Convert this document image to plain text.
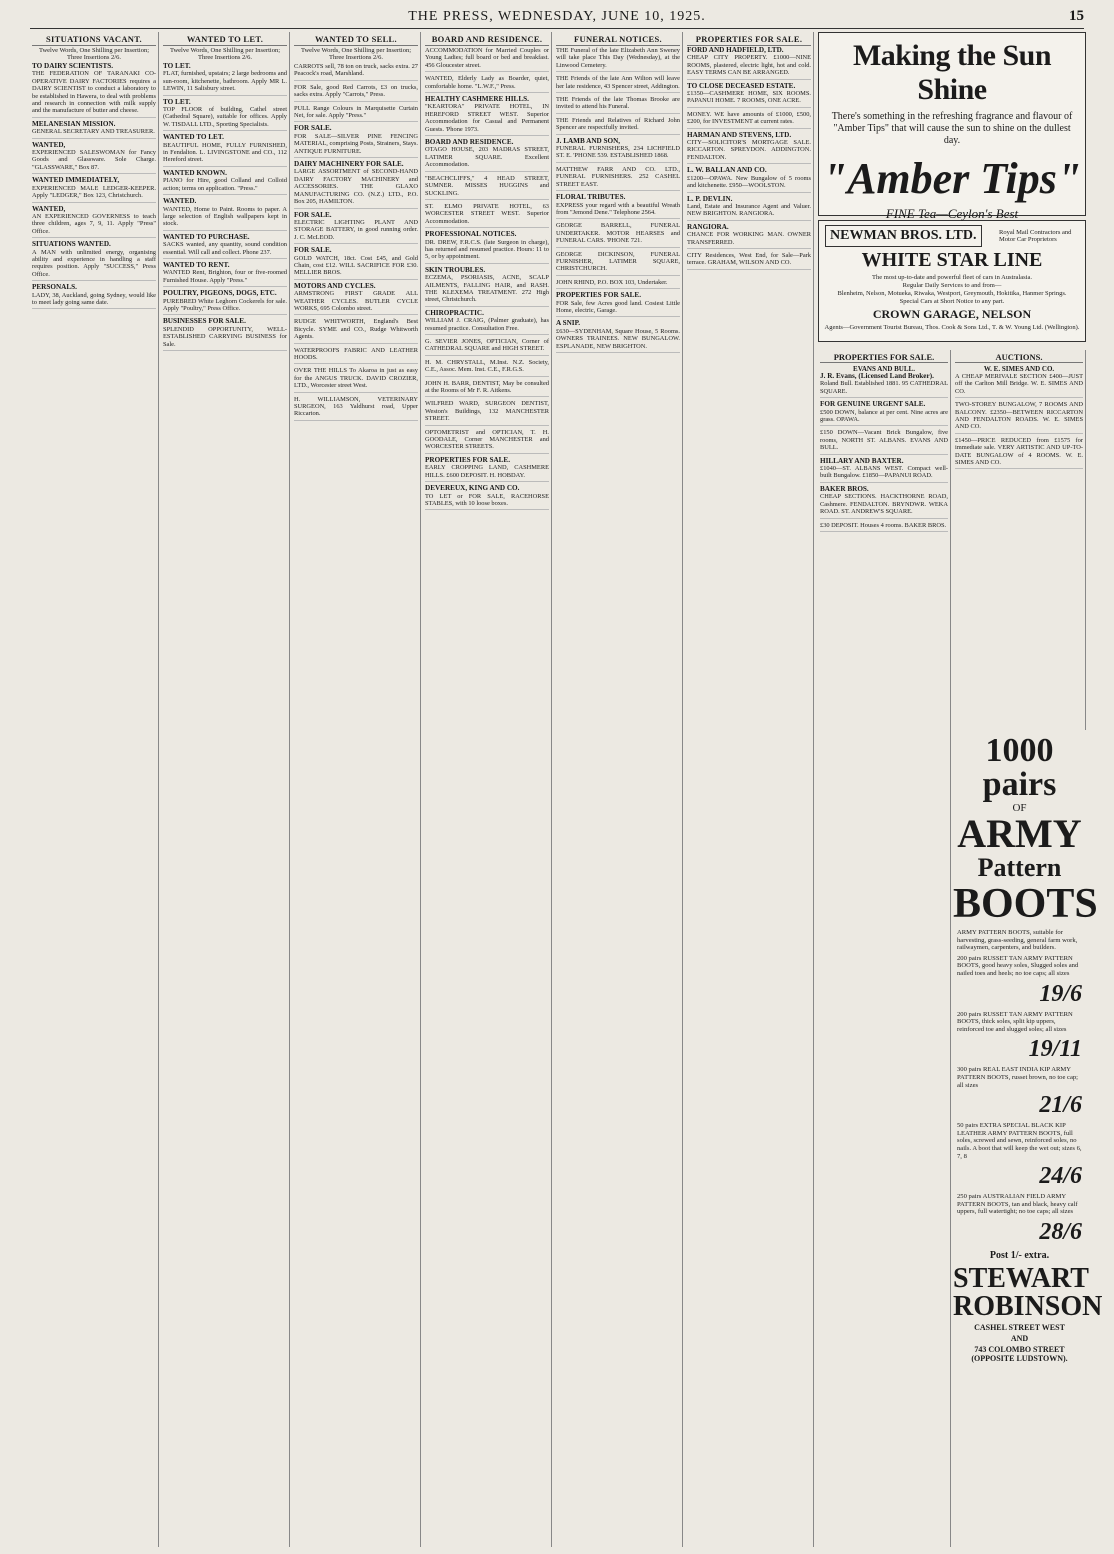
THE PRESS, WEDNESDAY, JUNE 10, 1925.	15
SITUATIONS VACANT.
Twelve Words, One Shilling per Insertion; Three Insertions 2/6.
TO DAIRY SCIENTISTS.
THE FEDERATION OF TARANAKI CO-OPERATIVE DAIRY FACTORIES requires a DAIRY SCIENTIST to conduct a laboratory to be established in Hawera, to deal with problems and research in connection with milk supply and the manufacture of butter and cheese.
MELANESIAN MISSION.
GENERAL SECRETARY AND TREASURER.
WANTED,
EXPERIENCED SALESWOMAN for Fancy Goods and Glassware. Sole Charge. "GLASSWARE," Box 87.
WANTED IMMEDIATELY,
EXPERIENCED MALE LEDGER-KEEPER. Apply "LEDGER," Box 123, Christchurch.
WANTED,
AN EXPERIENCED GOVERNESS to teach three children, ages 7, 9, 11. Apply "Press" Office.
SITUATIONS WANTED.
A MAN with unlimited energy, organising ability and experience in handling a staff requires position. Apply "SUCCESS," Press Office.
PERSONALS.
LADY, 38, Auckland, going Sydney, would like to meet lady going same date.
WANTED TO LET.
Twelve Words, One Shilling per Insertion; Three Insertions 2/6.
TO LET.
FLAT, furnished, upstairs; 2 large bedrooms and sun-room, kitchenette, bathroom. Apply MR L. LEWIN, 11 Salisbury street.
TO LET.
TOP FLOOR of building, Cathel street (Cathedral Square), suitable for offices. Apply W. TISDALL LTD., Sporting Specialists.
WANTED TO LET.
BEAUTIFUL HOME, FULLY FURNISHED, in Fendalton. L. LIVINGSTONE and CO., 112 Hereford street.
WANTED KNOWN.
PIANO for Hire, good Colland and Colloid action; terms on application. "Press."
WANTED.
WANTED, Home to Paint. Rooms to paper. A large selection of English wallpapers kept in stock.
WANTED TO PURCHASE.
SACKS wanted, any quantity, sound condition essential. Will call and collect. Phone 237.
WANTED TO RENT.
WANTED Rent, Brighton, four or five-roomed Furnished House. Apply "Press."
POULTRY, PIGEONS, DOGS, ETC.
PUREBRED White Leghorn Cockerels for sale. Apply "Poultry," Press Office.
BUSINESSES FOR SALE.
SPLENDID OPPORTUNITY, WELL-ESTABLISHED CARRYING BUSINESS for Sale.
WANTED TO SELL.
Twelve Words, One Shilling per Insertion; Three Insertions 2/6.
CARROTS sell, 78 ton on truck, sacks extra. 27 Peacock's road, Marshland.
FOR Sale, good Red Carrots, £3 on trucks, sacks extra. Apply "Carrots," Press.
PULL Range Colours in Marquisette Curtain Net, for sale. Apply "Press."
FOR SALE.
FOR SALE—SILVER PINE FENCING MATERIAL, comprising Posts, Strainers, Stays. ANTIQUE FURNITURE.
DAIRY MACHINERY FOR SALE.
LARGE ASSORTMENT of SECOND-HAND DAIRY FACTORY MACHINERY and ACCESSORIES. THE GLAXO MANUFACTURING CO. (N.Z.) LTD., P.O. Box 205, HAMILTON.
FOR SALE.
ELECTRIC LIGHTING PLANT AND STORAGE BATTERY, in good running order. J. C. McLEOD.
FOR SALE.
GOLD WATCH, 18ct. Cost £45, and Gold Chain, cost £12. WILL SACRIFICE FOR £30. MELLIER BROS.
MOTORS AND CYCLES.
ARMSTRONG FIRST GRADE ALL WEATHER CYCLES. BUTLER CYCLE WORKS, 695 Colombo street.
RUDGE WHITWORTH, England's Best Bicycle. SYME and CO., Rudge Whitworth Agents.
WATERPROOFS FABRIC AND LEATHER HOODS.
OVER THE HILLS To Akaroa in just as easy for the ANGUS TRUCK. DAVID CROZIER, LTD., Worcester street West.
H. WILLIAMSON, VETERINARY SURGEON, 163 Yaldhurst road, Upper Riccarton.
BOARD AND RESIDENCE.
ACCOMMODATION for Married Couples or Young Ladies; full board or bed and breakfast. 456 Gloucester street.
WANTED, Elderly Lady as Boarder, quiet, comfortable home. "L.W.F.," Press.
HEALTHY CASHMERE HILLS.
"KEARTORA" PRIVATE HOTEL, IN HEREFORD STREET WEST. Superior Accommodation for Casual and Permanent Guests. 'Phone 1973.
BOARD AND RESIDENCE.
OTAGO HOUSE, 203 MADRAS STREET, LATIMER SQUARE. Excellent Accommodation.
"BEACHCLIFFS," 4 HEAD STREET, SUMNER. MISSES HUGGINS and SUCKLING.
ST. ELMO PRIVATE HOTEL, 63 WORCESTER STREET WEST. Superior Accommodation.
PROFESSIONAL NOTICES.
DR. DREW, F.R.C.S. (late Surgeon in charge), has returned and resumed practice. Hours: 11 to 5, or by appointment.
SKIN TROUBLES.
ECZEMA, PSORIASIS, ACNE, SCALP AILMENTS, FALLING HAIR, and RASH. THE KLEXEMA TREATMENT. 272 High street, Christchurch.
CHIROPRACTIC.
WILLIAM J. CRAIG, (Palmer graduate), has resumed practice. Consultation Free.
G. SEVIER JONES, OPTICIAN, Corner of CATHEDRAL SQUARE and HIGH STREET.
H. M. CHRYSTALL, M.Inst. N.Z. Society, C.E., Assoc. Mem. Inst. C.E., F.R.G.S.
JOHN H. BARR, DENTIST, May be consulted at the Rooms of Mr F. R. Aitkens.
WILFRED WARD, SURGEON DENTIST, Weston's Buildings, 132 MANCHESTER STREET.
OPTOMETRIST and OPTICIAN, T. H. GOODALE, Corner MANCHESTER and WORCESTER STREETS.
PROPERTIES FOR SALE.
EARLY CROPPING LAND, CASHMERE HILLS. £600 DEPOSIT. H. HOBDAY.
DEVEREUX, KING AND CO.
TO LET or FOR SALE, RACEHORSE STABLES, with 10 loose boxes.
FUNERAL NOTICES.
THE Funeral of the late Elizabeth Ann Sweney will take place This Day (Wednesday), at the Linwood Cemetery.
THE Friends of the late Ann Wilton will leave her late residence, 43 Spencer street, Addington.
THE Friends of the late Thomas Brooke are invited to attend his Funeral.
THE Friends and Relatives of Richard John Spencer are respectfully invited.
J. LAMB AND SON,
FUNERAL FURNISHERS, 234 LICHFIELD ST. E. 'PHONE 539. ESTABLISHED 1868.
MATTHEW FARR AND CO. LTD., FUNERAL FURNISHERS. 252 CASHEL STREET EAST.
FLORAL TRIBUTES.
EXPRESS your regard with a beautiful Wreath from "Jemond Dene." Telephone 2564.
GEORGE BARRELL, FUNERAL UNDERTAKER. MOTOR HEARSES and FUNERAL CARS. 'PHONE 721.
GEORGE DICKINSON, FUNERAL FURNISHER, LATIMER SQUARE, CHRISTCHURCH.
JOHN RHIND, P.O. BOX 103, Undertaker.
PROPERTIES FOR SALE.
FOR Sale, few Acres good land. Cosiest Little Home, electric, Garage.
A SNIP.
£630—SYDENHAM, Square House, 5 Rooms. OWNERS TRAINEES. NEW BUNGALOW. ESPLANADE, NEW BRIGHTON.
PROPERTIES FOR SALE.
FORD AND HADFIELD, LTD.
CHEAP CITY PROPERTY. £1000—NINE ROOMS, plastered, electric light, hot and cold. EASY TERMS CAN BE ARRANGED.
TO CLOSE DECEASED ESTATE.
£1350—CASHMERE HOME, SIX ROOMS. PAPANUI HOME. 7 ROOMS, ONE ACRE.
MONEY. WE have amounts of £1000, £500, £200, for INVESTMENT at current rates.
HARMAN AND STEVENS, LTD.
CITY—SOLICITOR'S MORTGAGE SALE. RICCARTON. SPREYDON. ADDINGTON. FENDALTON.
L. W. BALLAN AND CO.
£1200—OPAWA. New Bungalow of 5 rooms and kitchenette. £950—WOOLSTON.
L. P. DEVLIN.
Land, Estate and Insurance Agent and Valuer. NEW BRIGHTON. RANGIORA.
RANGIORA.
CHANCE FOR WORKING MAN. OWNER TRANSFERRED.
CITY Residences, West End, for Sale—Park terrace. GRAHAM, WILSON AND CO.
Making the Sun Shine

There's something in the refreshing fragrance and flavour of "Amber Tips" that will cause the sun to shine on the dullest day.

"Amber Tips"
FINE Tea—Ceylon's Best
NEWMAN BROS. LTD.	Royal Mail Contractors and Motor Car Proprietors
WHITE STAR LINE
The most up-to-date and powerful fleet of cars in Australasia.
Regular Daily Services to and from—
Blenheim, Nelson, Motueka, Riwaka, Westport, Greymouth, Hokitika, Hanmer Springs.
Special Cars at Short Notice to any part.
CROWN GARAGE, NELSON
Agents—Government Tourist Bureau, Thos. Cook & Sons Ltd., T. & W. Young Ltd. (Wellington).
PROPERTIES FOR SALE.
EVANS AND BULL.
J. R. Evans, (Licensed Land Broker).
Roland Bull. Established 1881. 95 CATHEDRAL SQUARE.
FOR GENUINE URGENT SALE.
£500 DOWN, balance at per cent. Nine acres are grass. OPAWA.
£150 DOWN—Vacant Brick Bungalow, five rooms, NORTH ST. ALBANS. EVANS AND BULL.
HILLARY AND BAXTER.
£1040—ST. ALBANS WEST. Compact well-built Bungalow. £1850—PAPANUI ROAD.
BAKER BROS.
CHEAP SECTIONS. HACKTHORNE ROAD, Cashmere. FENDALTON. BRYNDWR. WEKA ROAD. ST. ANDREW'S SQUARE.
£30 DEPOSIT. Houses 4 rooms. BAKER BROS.
AUCTIONS.
W. E. SIMES AND CO.
A CHEAP MERIVALE SECTION £400—JUST off the Carlton Mill Bridge. W. E. SIMES AND CO.
TWO-STOREY BUNGALOW, 7 ROOMS AND BALCONY. £2350—BETWEEN RICCARTON AND FENDALTON ROADS. W. E. SIMES AND CO.
£1450—PRICE REDUCED from £1575 for immediate sale. VERY ARTISTIC AND UP-TO-DATE BUNGALOW of 4 ROOMS. W. E. SIMES AND CO.
1000 pairs
OF
ARMY
Pattern
BOOTS
ARMY PATTERN BOOTS, suitable for harvesting, grass-seeding, general farm work, railwaymen, carpenters, and builders.
200 pairs RUSSET TAN ARMY PATTERN BOOTS, good heavy soles, Slugged soles and nailed toes and heels; no toe caps; all sizes
19/6
200 pairs RUSSET TAN ARMY PATTERN BOOTS, thick soles, split kip uppers, reinforced toe and slugged soles; all sizes
19/11
300 pairs REAL EAST INDIA KIP ARMY PATTERN BOOTS, russet brown, no toe cap; all sizes
21/6
50 pairs EXTRA SPECIAL BLACK KIP LEATHER ARMY PATTERN BOOTS, full soles, screwed and sewn, reinforced soles, no nails. A boot that will keep the wet out; sizes 6, 7, 8
24/6
250 pairs AUSTRALIAN FIELD ARMY PATTERN BOOTS, tan and black, heavy calf uppers, full watertight; no toe caps; all sizes
28/6
Post 1/- extra.
STEWART ROBINSON
CASHEL STREET WEST
AND
743 COLOMBO STREET (OPPOSITE LUDSTOWN).
